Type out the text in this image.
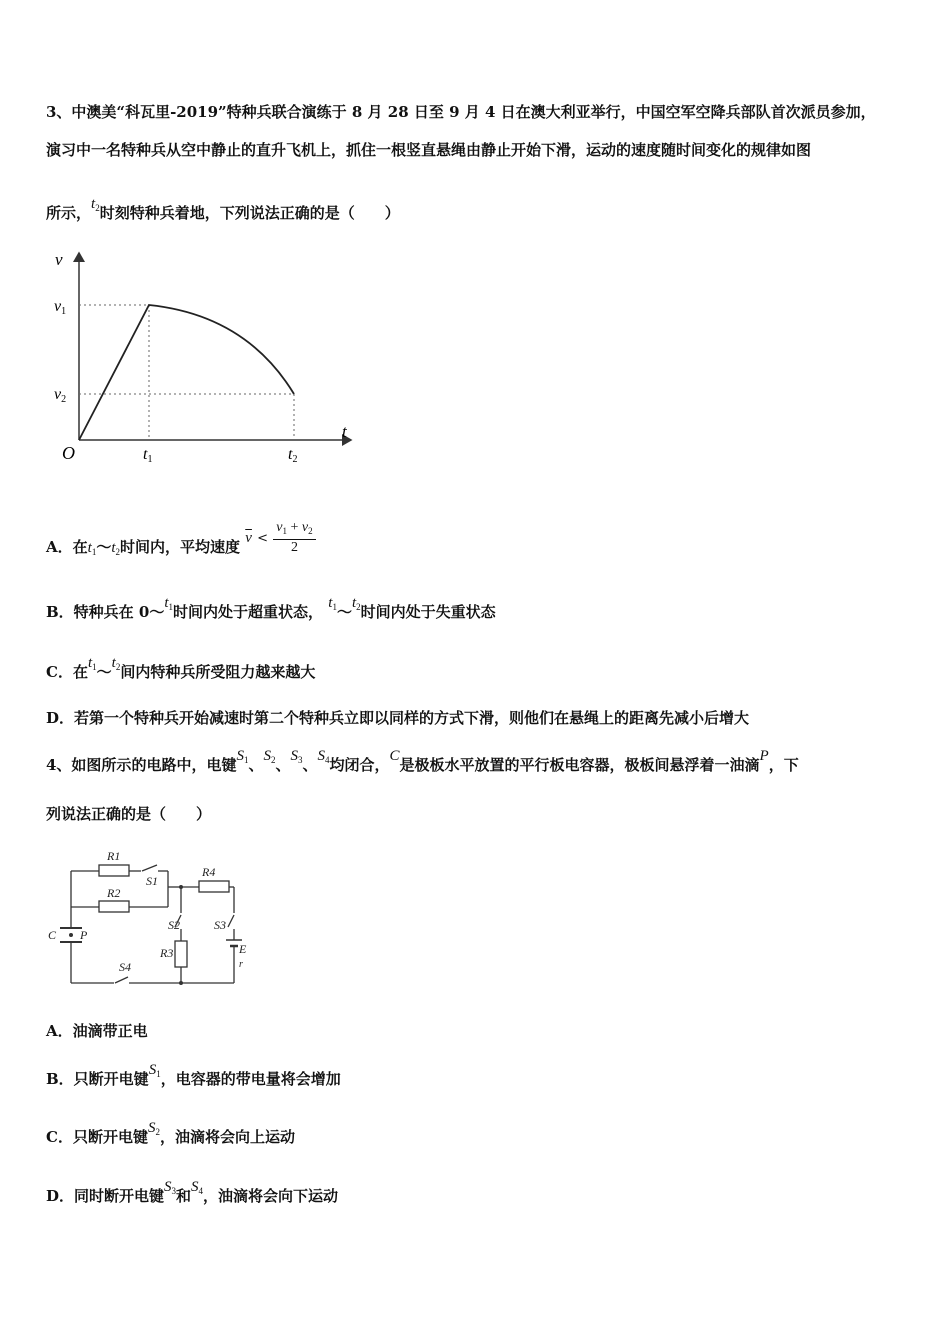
3、中澳美“科瓦里-2019”特种兵联合演练于 8 月 28 日至 9 月 4 日在澳大利亚举行，中国空军空降兵部队首次派员参加，
演习中一名特种兵从空中静止的直升飞机上，抓住一根竖直悬绳由静止开始下滑，运动的速度随时间变化的规律如图
所示，$t_2$时刻特种兵着地，下列说法正确的是（　　）
v
t
O
v1
v2
t1	t2
A．在$t_1\sim t_2$时间内，平均速度 $\overline{v} < \frac{v_1 + v_2}{2}$
B．特种兵在 $0\sim t_1$时间内处于超重状态， $t_1\sim t_2$时间内处于失重状态
C．在$t_1\sim t_2$间内特种兵所受阻力越来越大
D．若第一个特种兵开始减速时第二个特种兵立即以同样的方式下滑，则他们在悬绳上的距离先减小后增大
4、如图所示的电路中，电键$S_1$、$S_2$、$S_3$、$S_4$均闭合，C是极板水平放置的平行板电容器，极板间悬浮着一油滴P，下
列说法正确的是（　　）
R1
R2
S1
R4
S2	S3
R3	E
r
C P
S4
A．油滴带正电
B．只断开电键$S_1$，电容器的带电量将会增加
C．只断开电键$S_2$，油滴将会向上运动
D．同时断开电键$S_3$和$S_4$，油滴将会向下运动
